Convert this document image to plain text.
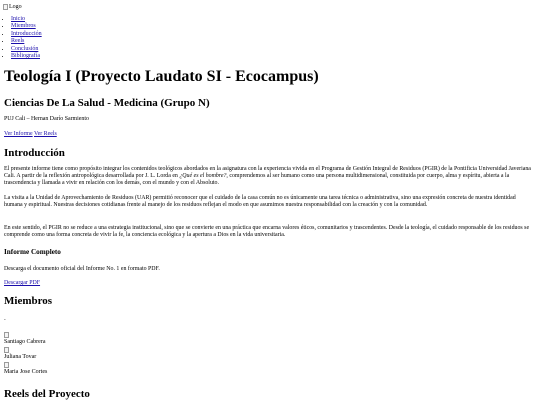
Logo
• Inicio
• Miembros
• Introducción
• Reels
• Conclusión
• Bibliografía
Teología I (Proyecto Laudato SI - Ecocampus)
Ciencias De La Salud - Medicina (Grupo N)

PUJ Cali – Hernan Darío Sarmiento

Ver Informe Ver Reels
Introducción

El presente informe tiene como propósito integrar los contenidos teológicos abordados en la asignatura con la experiencia vivida en el Programa de Gestión Integral de Residuos (PGIR) de la Pontificia Universidad Javeriana Cali. A partir de la reflexión antropológica desarrollada por J. L. Lorda en ¿Qué es el hombre?, comprendemos al ser humano como una persona multidimensional, constituida por cuerpo, alma y espíritu, abierta a la trascendencia y llamada a vivir en relación con los demás, con el mundo y con el Absoluto.

La visita a la Unidad de Aprovechamiento de Residuos (UAR) permitió reconocer que el cuidado de la casa común no es únicamente una tarea técnica o administrativa, sino una expresión concreta de nuestra identidad humana y espiritual. Nuestras decisiones cotidianas frente al manejo de los residuos reflejan el modo en que asumimos nuestra responsabilidad con la creación y con la comunidad.

En este sentido, el PGIR no se reduce a una estrategia institucional, sino que se convierte en una práctica que encarna valores éticos, comunitarios y trascendentes. Desde la teología, el cuidado responsable de los residuos se comprende como una forma concreta de vivir la fe, la conciencia ecológica y la apertura a Dios en la vida universitaria.

Informe Completo

Descarga el documento oficial del Informe No. 1 en formato PDF.

Descargar PDF
Miembros
-
Santiago Cabrera
Juliana Tovar
Maria Jose Cortes
Reels del Proyecto
